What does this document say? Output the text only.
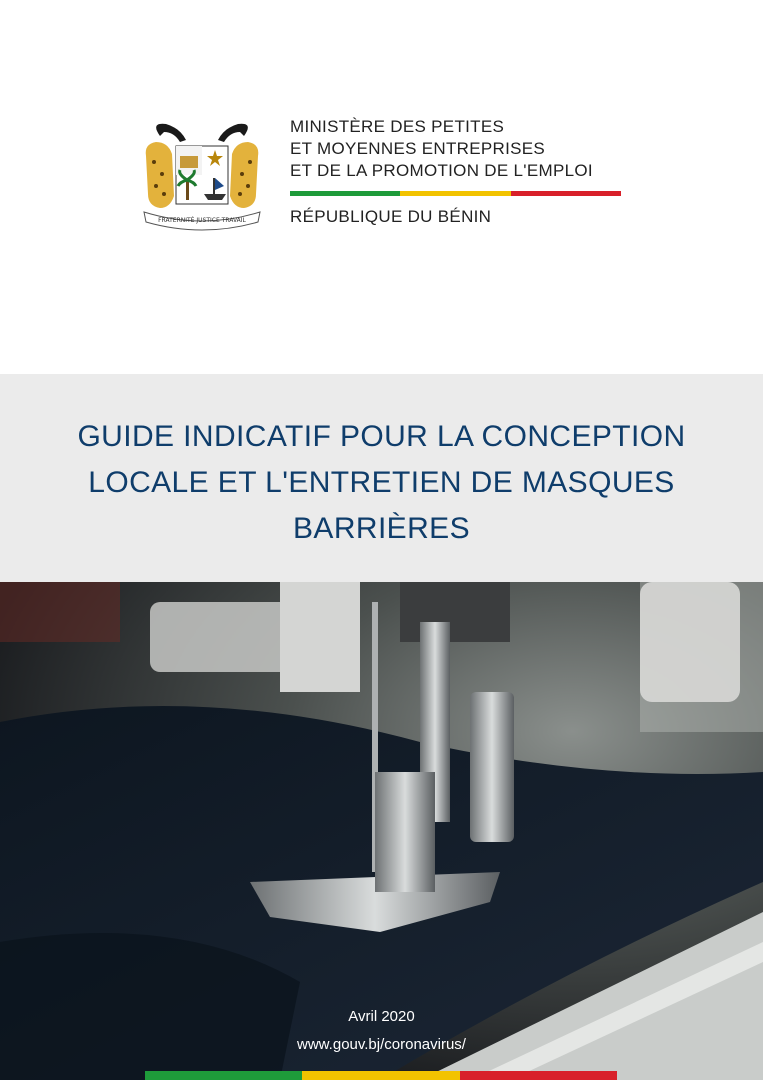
FRATERNITÉ JUSTICE TRAVAIL
MINISTÈRE DES PETITES
ET MOYENNES ENTREPRISES
ET DE LA PROMOTION DE L'EMPLOI
RÉPUBLIQUE DU BÉNIN
GUIDE INDICATIF POUR LA CONCEPTION
LOCALE ET L'ENTRETIEN DE MASQUES
BARRIÈRES
Avril 2020
www.gouv.bj/coronavirus/
